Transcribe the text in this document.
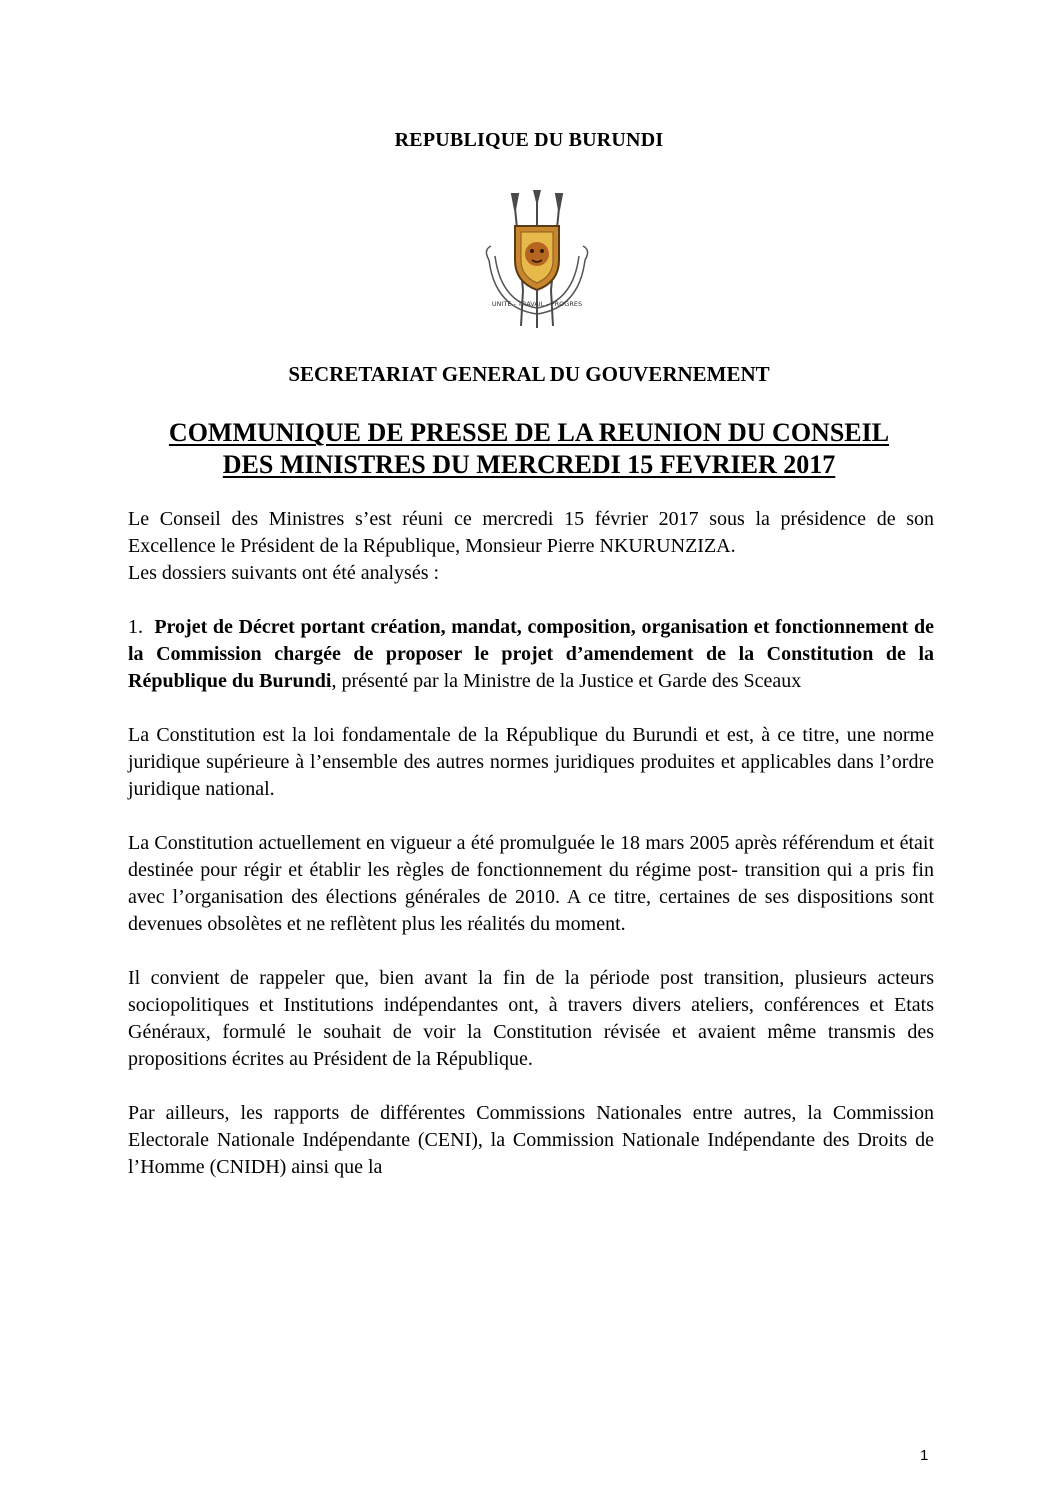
REPUBLIQUE DU BURUNDI
UNITE - TRAVAIL - PROGRES
SECRETARIAT GENERAL DU GOUVERNEMENT
COMMUNIQUE DE PRESSE DE LA REUNION DU CONSEIL
DES MINISTRES DU MERCREDI 15 FEVRIER 2017

Le Conseil des Ministres s’est réuni ce mercredi 15 février 2017 sous la présidence de son Excellence le Président de la République, Monsieur Pierre NKURUNZIZA.

Les dossiers suivants ont été analysés :

1. Projet de Décret portant création, mandat, composition, organisation et fonctionnement de la Commission chargée de proposer le projet d’amendement de la Constitution de la République du Burundi, présenté par la Ministre de la Justice et Garde des Sceaux

La Constitution est la loi fondamentale de la République du Burundi et est, à ce titre, une norme juridique supérieure à l’ensemble des autres normes juridiques produites et applicables dans l’ordre juridique national.

La Constitution actuellement en vigueur a été promulguée le 18 mars 2005 après référendum et était destinée pour régir et établir les règles de fonctionnement du régime post- transition qui a pris fin avec l’organisation des élections générales de 2010. A ce titre, certaines de ses dispositions sont devenues obsolètes et ne reflètent plus les réalités du moment.

Il convient de rappeler que, bien avant la fin de la période post transition, plusieurs acteurs sociopolitiques et Institutions indépendantes ont, à travers divers ateliers, conférences et Etats Généraux, formulé le souhait de voir la Constitution révisée et avaient même transmis des propositions écrites au Président de la République.

Par ailleurs, les rapports de différentes Commissions Nationales entre autres, la Commission Electorale Nationale Indépendante (CENI), la Commission Nationale Indépendante des Droits de l’Homme (CNIDH) ainsi que la

1
